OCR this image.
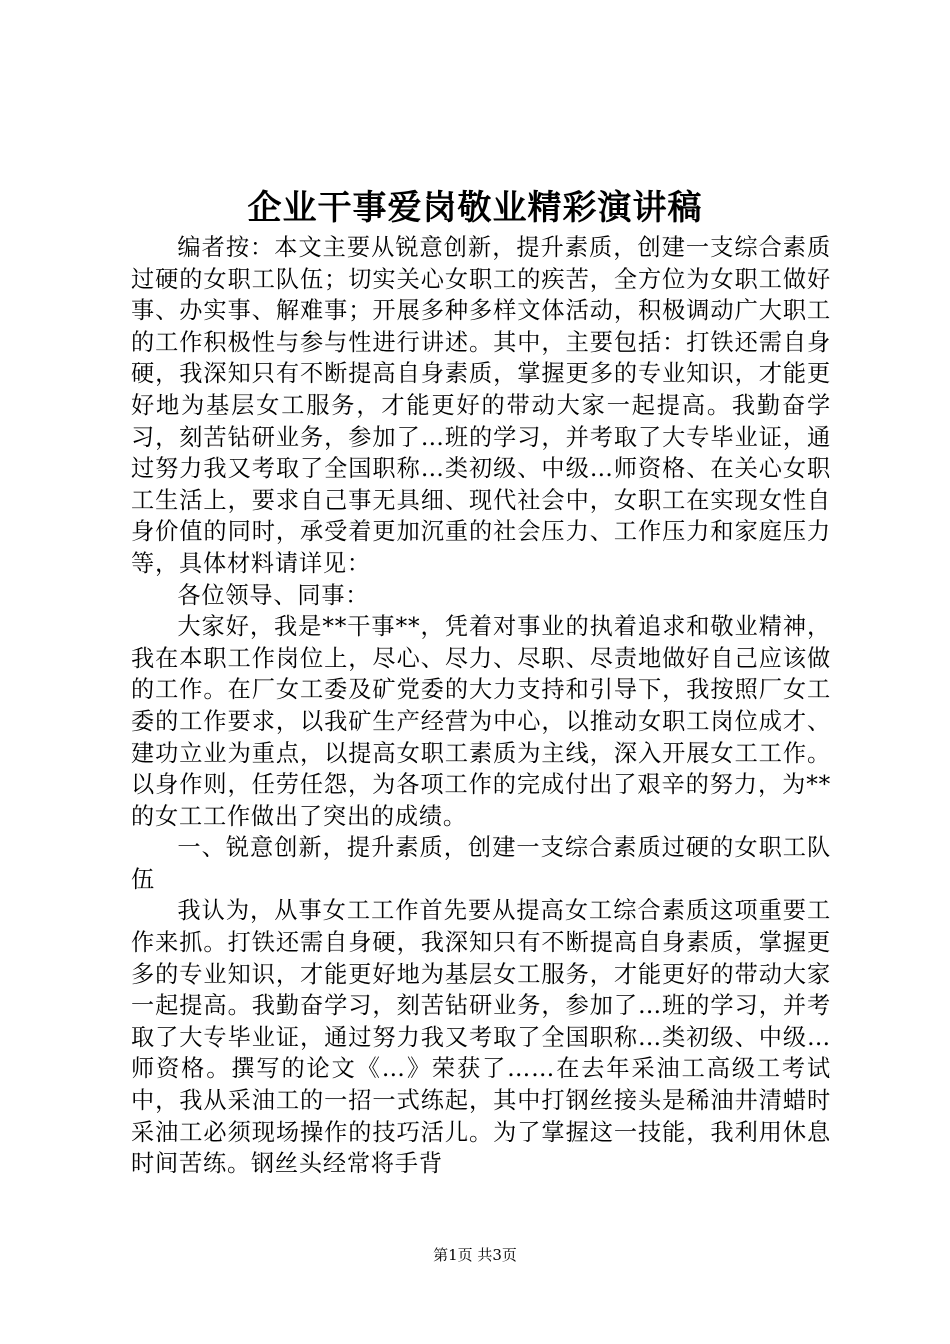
企业干事爱岗敬业精彩演讲稿

编者按：本文主要从锐意创新，提升素质，创建一支综合素质过硬的女职工队伍；切实关心女职工的疾苦，全方位为女职工做好事、办实事、解难事；开展多种多样文体活动，积极调动广大职工的工作积极性与参与性进行讲述。其中，主要包括：打铁还需自身硬，我深知只有不断提高自身素质，掌握更多的专业知识，才能更好地为基层女工服务，才能更好的带动大家一起提高。我勤奋学习，刻苦钻研业务，参加了…班的学习，并考取了大专毕业证，通过努力我又考取了全国职称…类初级、中级…师资格、在关心女职工生活上，要求自己事无具细、现代社会中，女职工在实现女性自身价值的同时，承受着更加沉重的社会压力、工作压力和家庭压力等，具体材料请详见：

各位领导、同事：

大家好，我是**干事**，凭着对事业的执着追求和敬业精神，我在本职工作岗位上，尽心、尽力、尽职、尽责地做好自己应该做的工作。在厂女工委及矿党委的大力支持和引导下，我按照厂女工委的工作要求，以我矿生产经营为中心，以推动女职工岗位成才、建功立业为重点，以提高女职工素质为主线，深入开展女工工作。以身作则，任劳任怨，为各项工作的完成付出了艰辛的努力，为**的女工工作做出了突出的成绩。

一、锐意创新，提升素质，创建一支综合素质过硬的女职工队伍

我认为，从事女工工作首先要从提高女工综合素质这项重要工作来抓。打铁还需自身硬，我深知只有不断提高自身素质，掌握更多的专业知识，才能更好地为基层女工服务，才能更好的带动大家一起提高。我勤奋学习，刻苦钻研业务，参加了…班的学习，并考取了大专毕业证，通过努力我又考取了全国职称…类初级、中级…师资格。撰写的论文《…》荣获了……在去年采油工高级工考试中，我从采油工的一招一式练起，其中打钢丝接头是稀油井清蜡时采油工必须现场操作的技巧活儿。为了掌握这一技能，我利用休息时间苦练。钢丝头经常将手背

第1页 共3页
